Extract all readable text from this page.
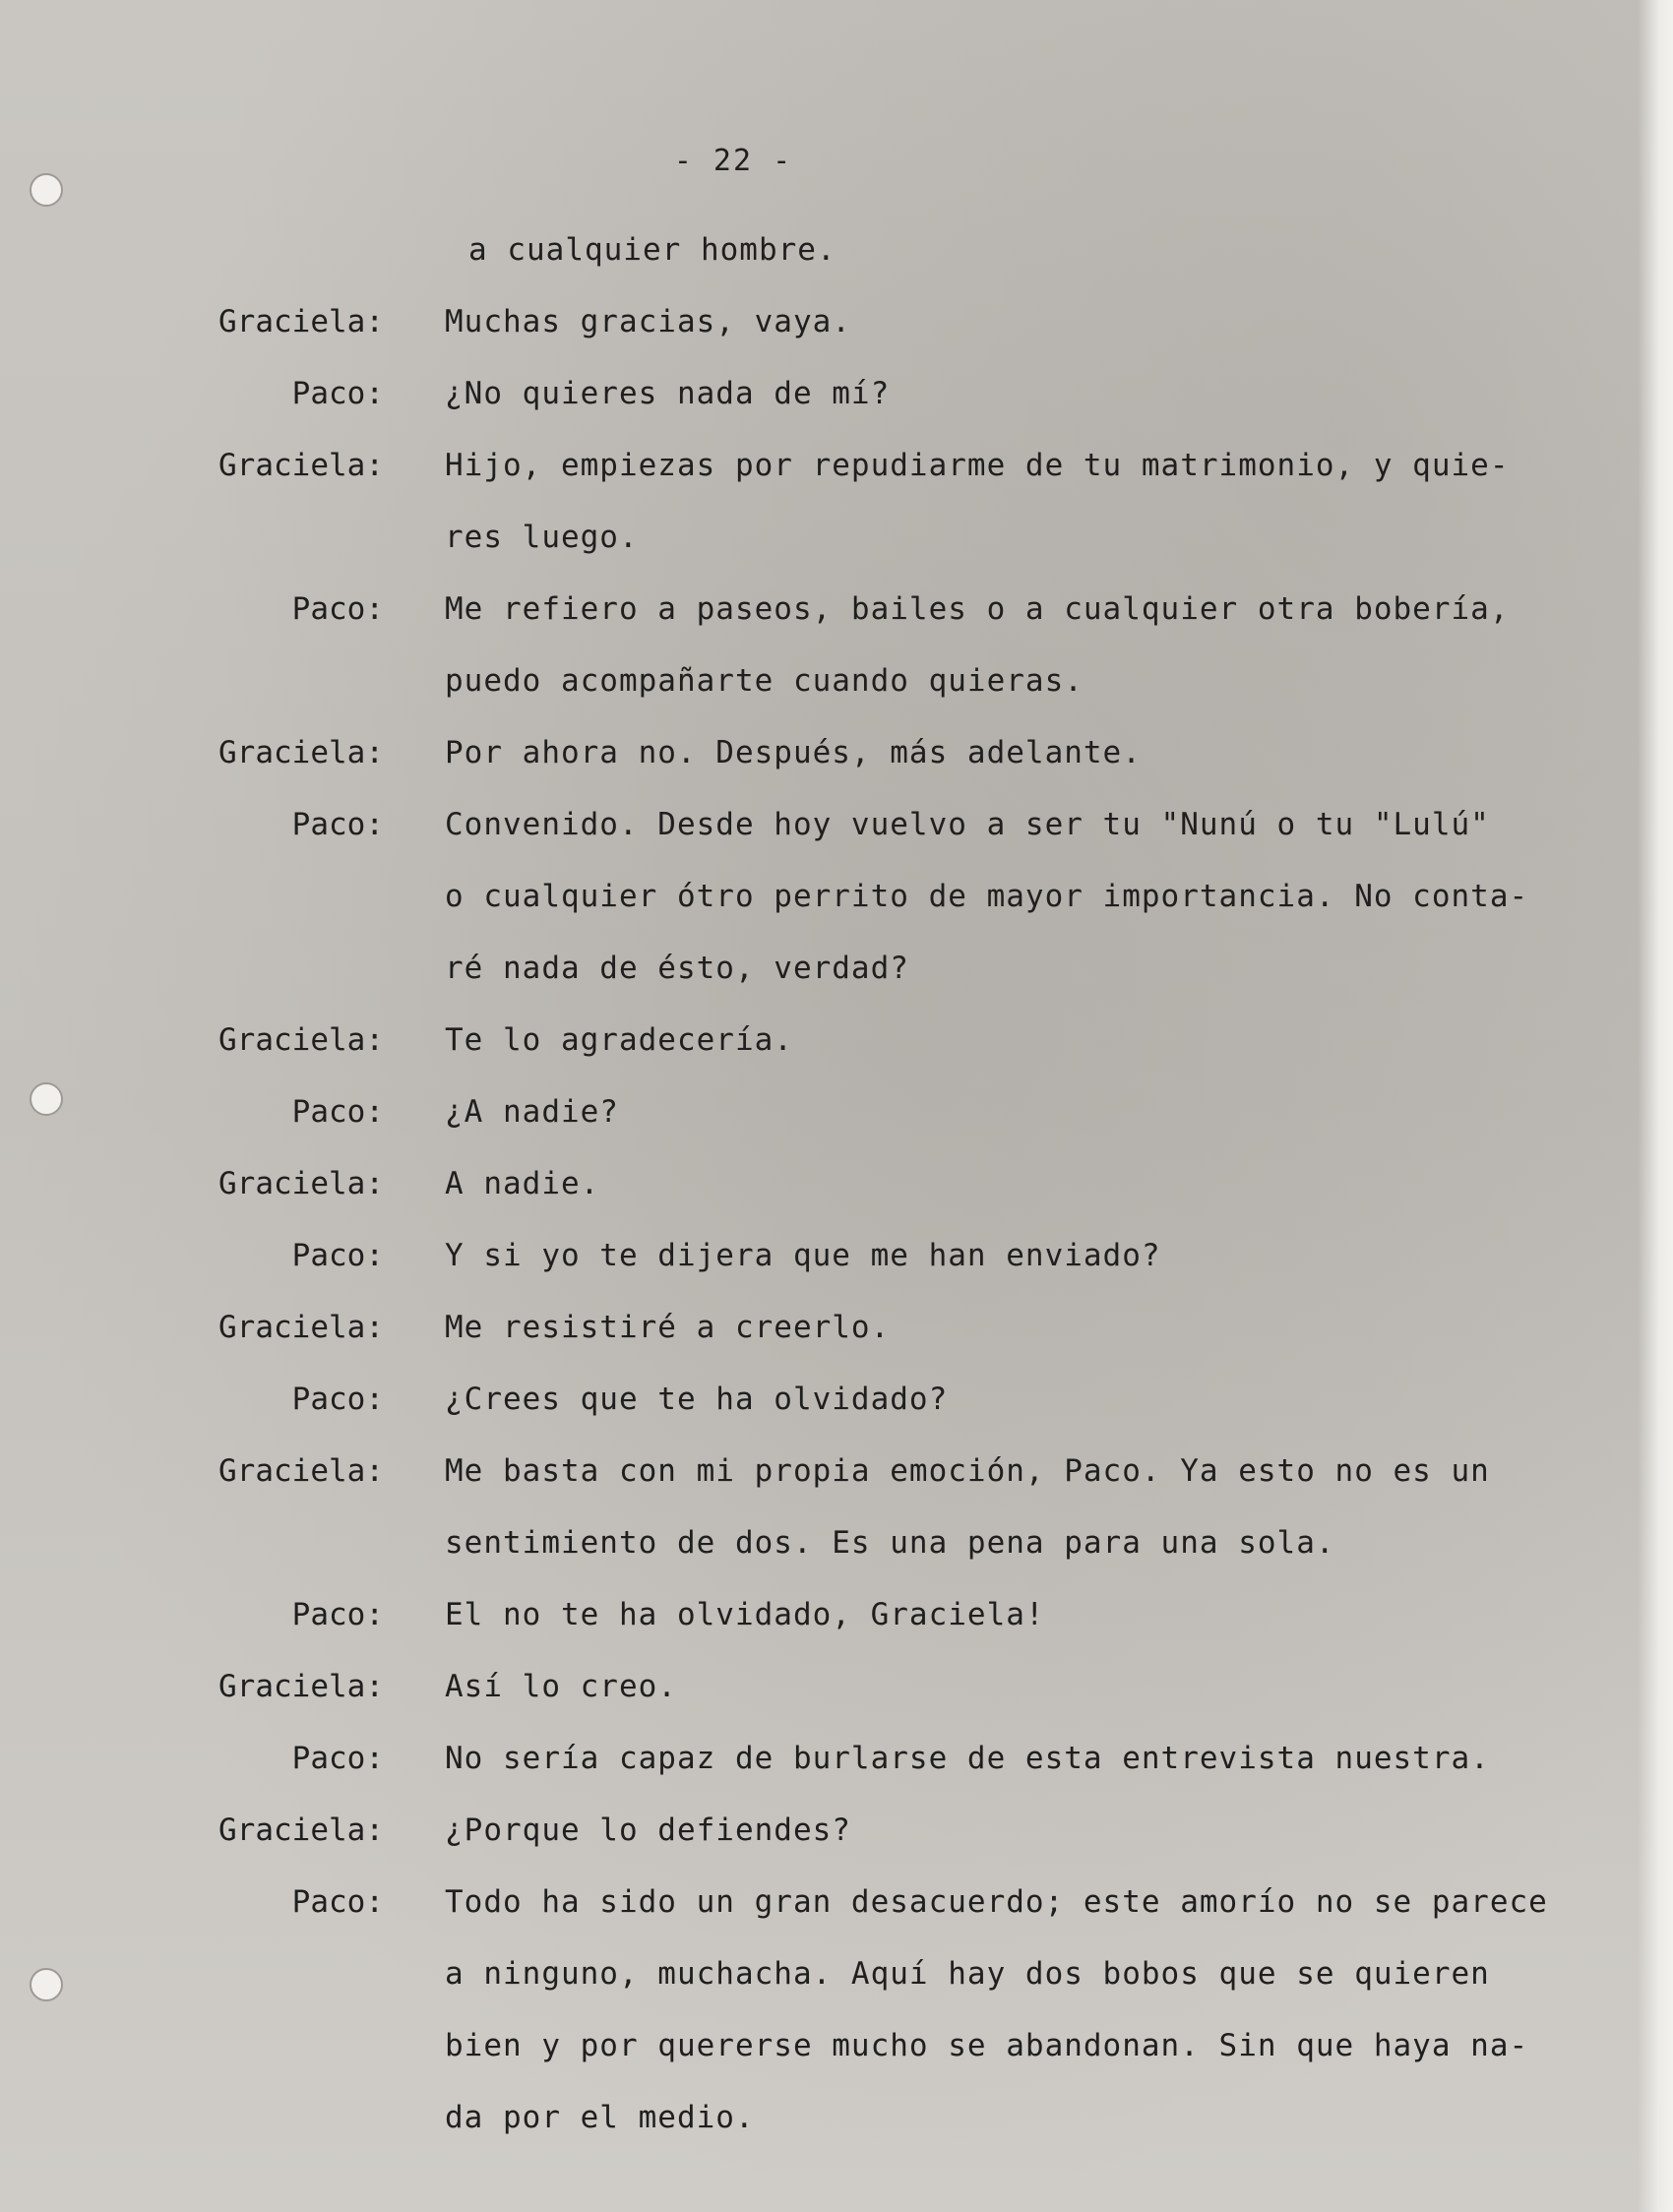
- 22 -
a cualquier hombre.
Graciela: Muchas gracias, vaya.
Paco: ¿No quieres nada de mí?
Graciela: Hijo, empiezas por repudiarme de tu matrimonio, y quie-
res luego.
Paco: Me refiero a paseos, bailes o a cualquier otra bobería,
puedo acompañarte cuando quieras.
Graciela: Por ahora no. Después, más adelante.
Paco: Convenido. Desde hoy vuelvo a ser tu "Nunú o tu "Lulú"
o cualquier ótro perrito de mayor importancia. No conta-
ré nada de ésto, verdad?
Graciela: Te lo agradecería.
Paco: ¿A nadie?
Graciela: A nadie.
Paco: Y si yo te dijera que me han enviado?
Graciela: Me resistiré a creerlo.
Paco: ¿Crees que te ha olvidado?
Graciela: Me basta con mi propia emoción, Paco. Ya esto no es un
sentimiento de dos. Es una pena para una sola.
Paco: El no te ha olvidado, Graciela!
Graciela: Así lo creo.
Paco: No sería capaz de burlarse de esta entrevista nuestra.
Graciela: ¿Porque lo defiendes?
Paco: Todo ha sido un gran desacuerdo; este amorío no se parece
a ninguno, muchacha. Aquí hay dos bobos que se quieren
bien y por quererse mucho se abandonan. Sin que haya na-
da por el medio.
